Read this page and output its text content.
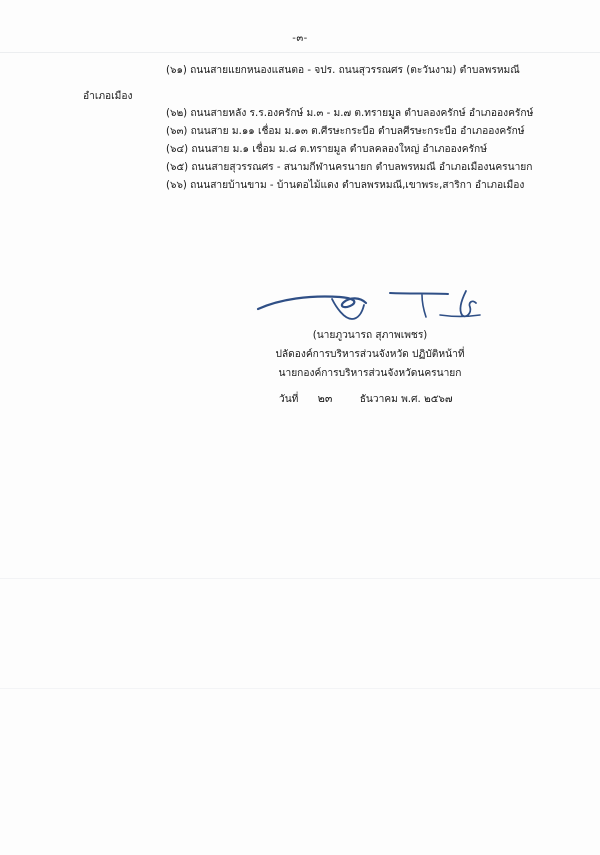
-๓-
(๖๑) ถนนสายแยกหนองแสนตอ - จปร. ถนนสุวรรณศร (ตะวันงาม) ตำบลพรหมณี
อำเภอเมือง
(๖๒) ถนนสายหลัง ร.ร.องครักษ์ ม.๓ - ม.๗ ต.ทรายมูล ตำบลองครักษ์ อำเภอองครักษ์
(๖๓) ถนนสาย ม.๑๑ เชื่อม ม.๑๓ ต.ศีรษะกระบือ ตำบลศีรษะกระบือ อำเภอองครักษ์
(๖๔) ถนนสาย ม.๑ เชื่อม ม.๘ ต.ทรายมูล ตำบลคลองใหญ่ อำเภอองครักษ์
(๖๕) ถนนสายสุวรรณศร - สนามกีฬานครนายก ตำบลพรหมณี อำเภอเมืองนครนายก
(๖๖) ถนนสายบ้านขาม - บ้านตอไม้แดง ตำบลพรหมณี,เขาพระ,สาริกา อำเภอเมือง
(นายภูวนารถ สุภาพเพชร)
ปลัดองค์การบริหารส่วนจังหวัด ปฏิบัติหน้าที่
นายกองค์การบริหารส่วนจังหวัดนครนายก
วันที่ ๒๓	ธันวาคม พ.ศ. ๒๕๖๗
